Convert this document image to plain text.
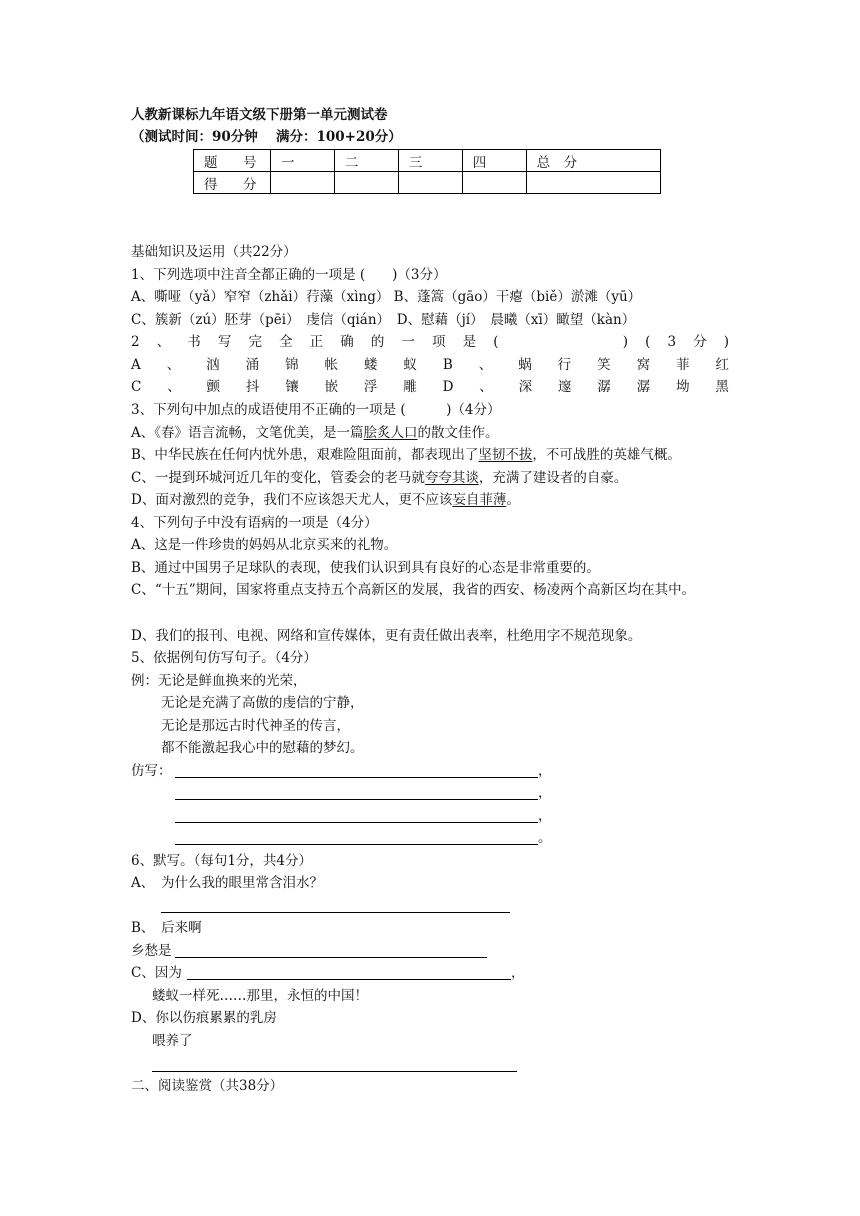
人教新课标九年语文级下册第一单元测试卷
（测试时间：90分钟　 满分：100+20分）
题　号	一	二	三	四	总　分
得　分					
基础知识及运用（共22分）
1、下列选项中注音全都正确的一项是 (　　)（3分）
A、嘶哑（yǎ）窄窄（zhǎi）荇藻（xìng） B、蓬篙（gāo）干瘪（biě）淤滩（yū）
C、簇新（zú）胚芽（pēi）　虔信（qián）　D、慰藉（jí）　晨曦（xī）瞰望（kàn）
2 、 书 写 完 全 正 确 的 一 项 是 (	) ( 3 分 )
A 、 汹 涌 锦 帐 蝼 蚁 B 、 蜗 行 笑 窝 菲 红
C 、 颤 抖 镶 嵌 浮 雕 D 、 深 邃 潺 潺 坳 黑
3、下列句中加点的成语使用不正确的一项是 (　　　)（4分）
A、《春》语言流畅，文笔优美，是一篇脍炙人口的散文佳作。
B、中华民族在任何内忧外患，艰难险阻面前，都表现出了坚韧不拔，不可战胜的英雄气概。
C、一提到环城河近几年的变化，管委会的老马就夸夸其谈，充满了建设者的自豪。
D、面对激烈的竞争，我们不应该怨天尤人，更不应该妄自菲薄。
4、下列句子中没有语病的一项是（4分）
A、这是一件珍贵的妈妈从北京买来的礼物。
B、通过中国男子足球队的表现，使我们认识到具有良好的心态是非常重要的。
C、“十五”期间，国家将重点支持五个高新区的发展，我省的西安、杨凌两个高新区均在其中。
D、我们的报刊、电视、网络和宣传媒体，更有责任做出表率，杜绝用字不规范现象。
5、依据例句仿写句子。（4分）
例：无论是鲜血换来的光荣，
无论是充满了高傲的虔信的宁静，
无论是那远古时代神圣的传言，
都不能激起我心中的慰藉的梦幻。
仿写：	，
，
，
。
6、默写。（每句1分，共4分）
A、　为什么我的眼里常含泪水？
B、　后来啊
乡愁是
C、因为	，
蝼蚁一样死……那里，永恒的中国！
D、你以伤痕累累的乳房
喂养了
二、阅读鉴赏（共38分）
